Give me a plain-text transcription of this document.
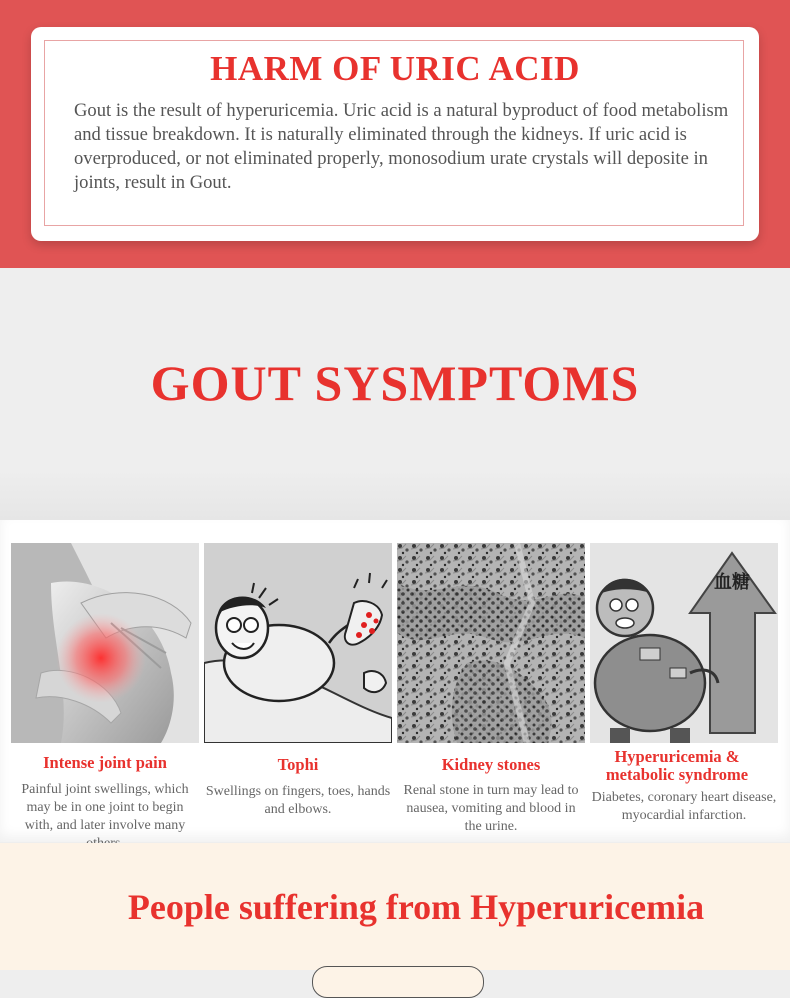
HARM OF URIC ACID
Gout is the result of hyperuricemia. Uric acid is a natural byproduct of food metabolism and tissue breakdown. It is naturally eliminated through the kidneys. If uric acid is overproduced, or not eliminated properly, monosodium urate crystals will deposite in joints, result in Gout.
GOUT SYSMPTOMS
Intense joint pain
Painful joint swellings, which may be in one joint to begin with, and later involve many
Tophi
Swellings on fingers, toes, hands and elbows.
Kidney stones
Renal stone in turn may lead to nausea, vomiting and blood in the urine.
血糖
Hyperuricemia & metabolic syndrome
Diabetes, coronary heart disease, myocardial infarction.
People suffering from Hyperuricemia
